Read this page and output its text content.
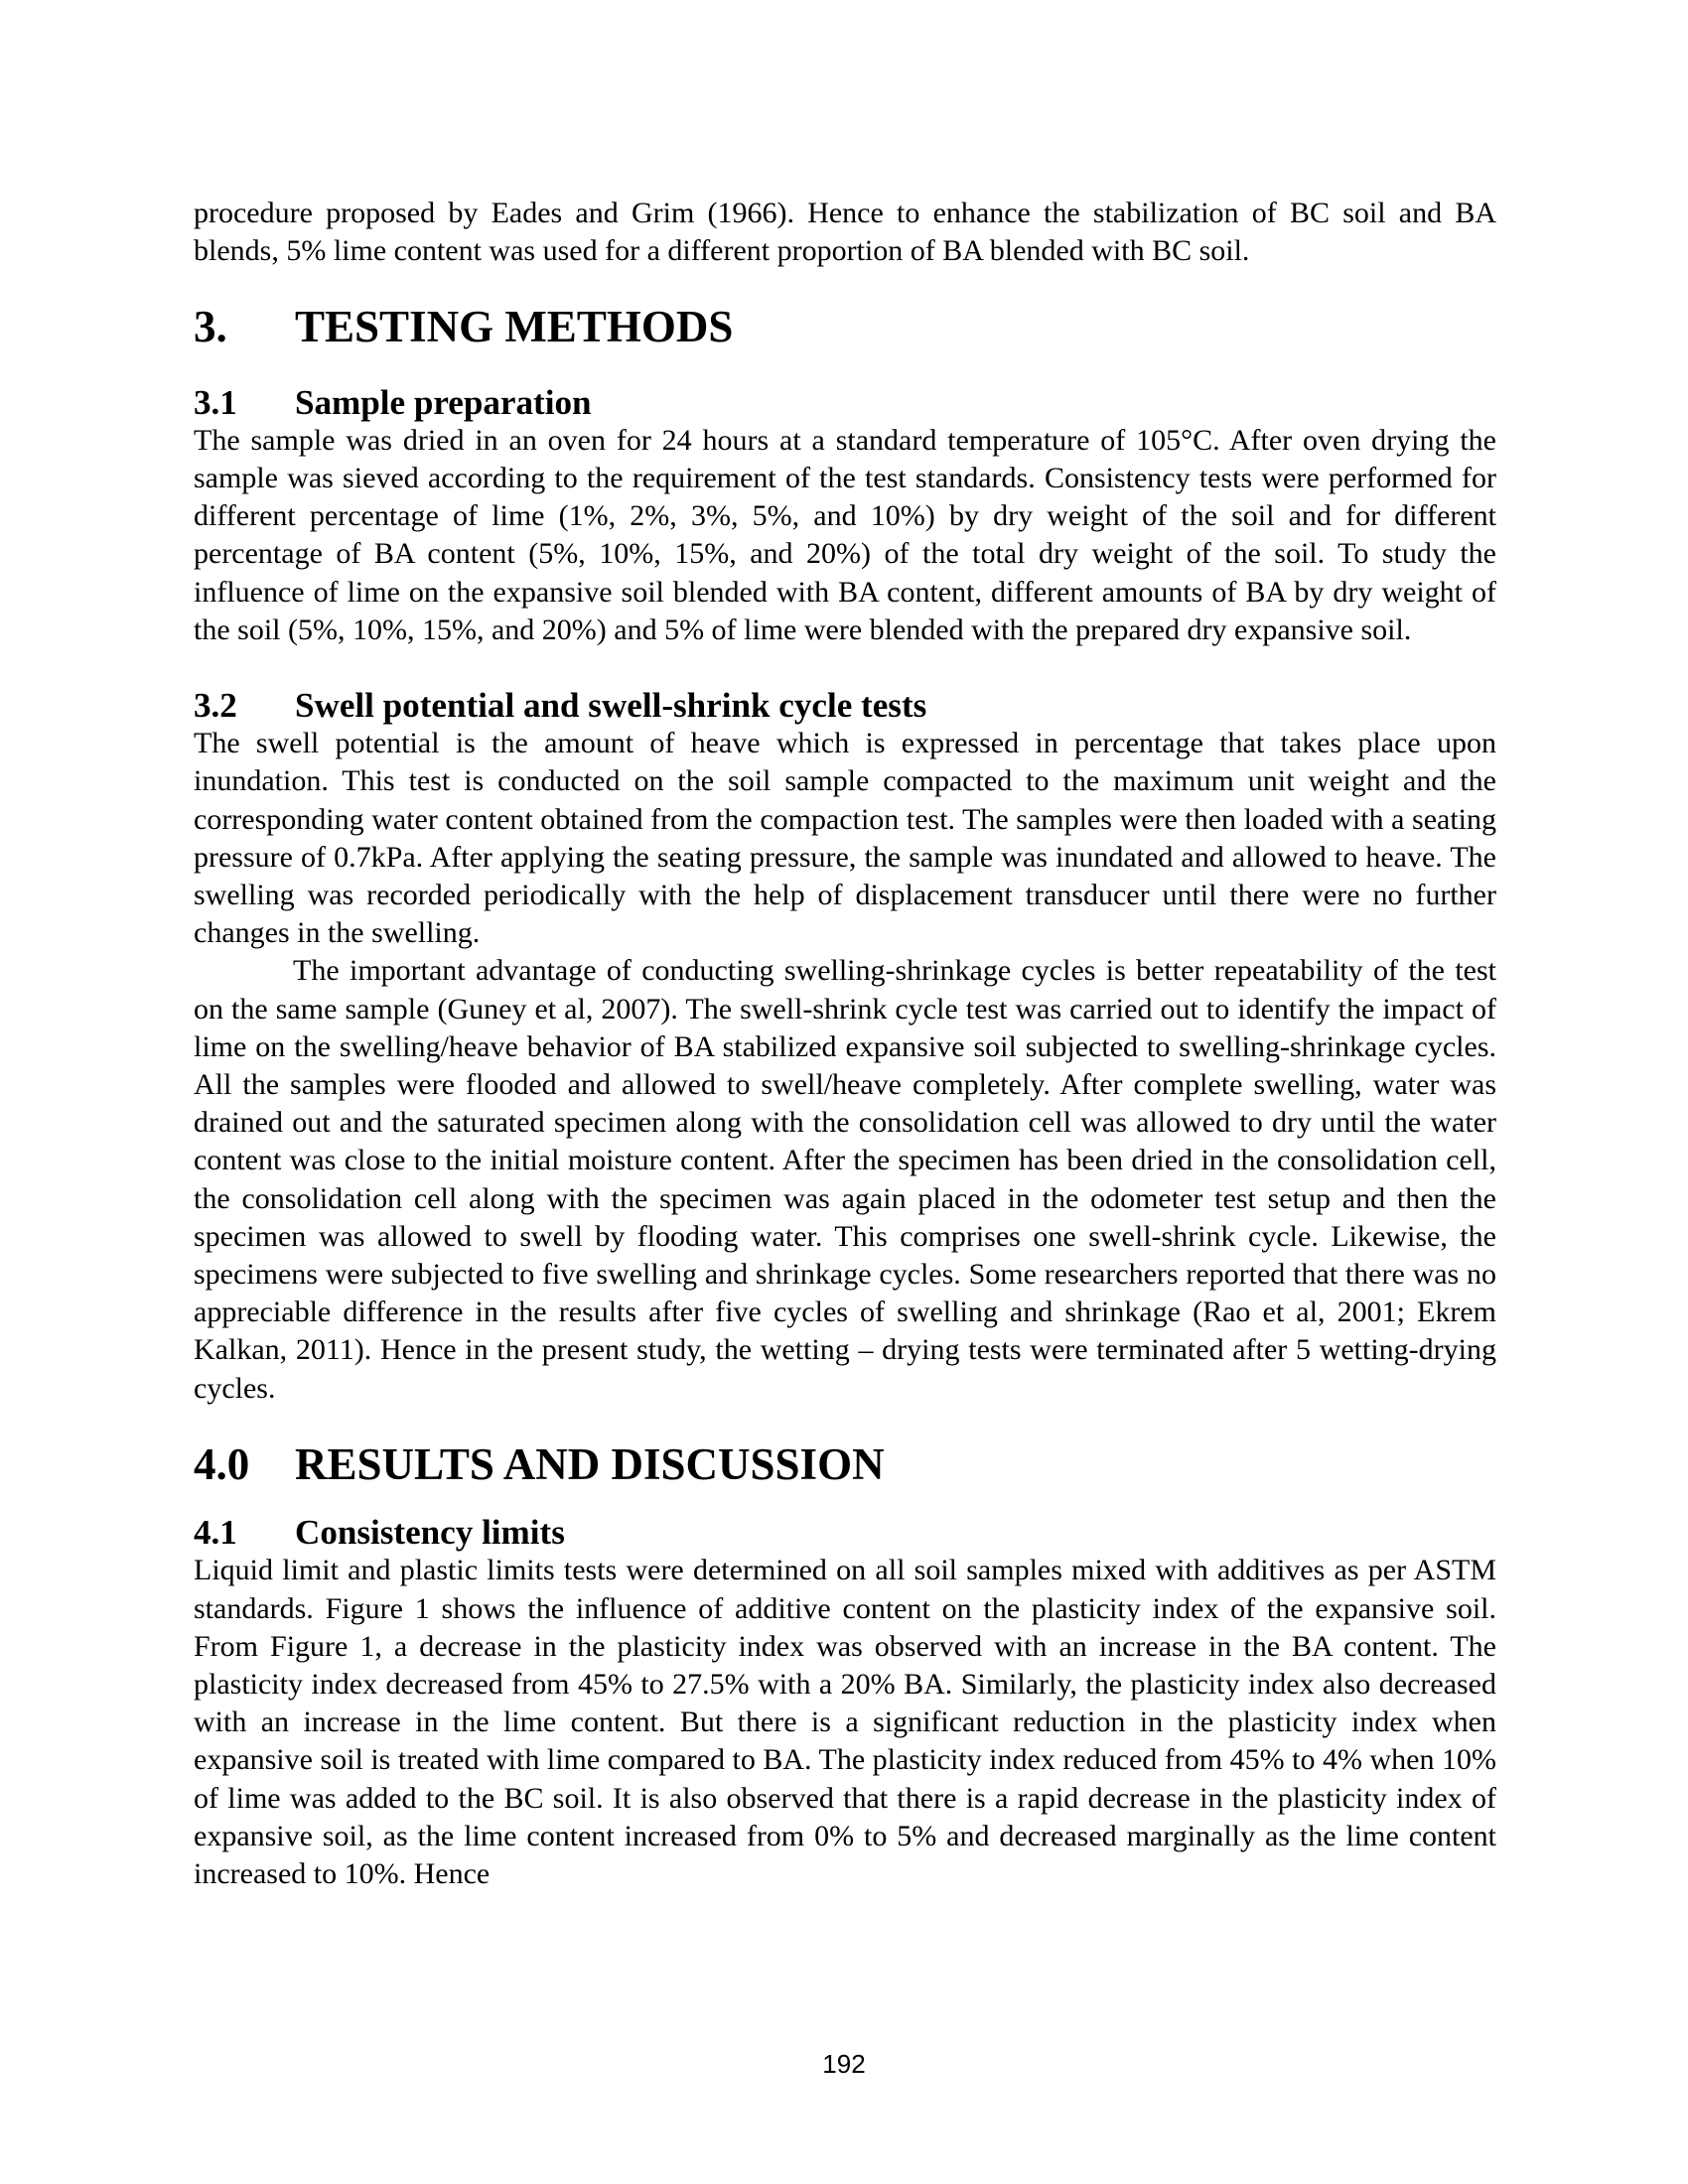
procedure proposed by Eades and Grim (1966). Hence to enhance the stabilization of BC soil and BA blends, 5% lime content was used for a different proportion of BA blended with BC soil.

3.	TESTING METHODS
3.1	Sample preparation

The sample was dried in an oven for 24 hours at a standard temperature of 105°C. After oven drying the sample was sieved according to the requirement of the test standards. Consistency tests were performed for different percentage of lime (1%, 2%, 3%, 5%, and 10%) by dry weight of the soil and for different percentage of BA content (5%, 10%, 15%, and 20%) of the total dry weight of the soil. To study the influence of lime on the expansive soil blended with BA content, different amounts of BA by dry weight of the soil (5%, 10%, 15%, and 20%) and 5% of lime were blended with the prepared dry expansive soil.

3.2	Swell potential and swell-shrink cycle tests

The swell potential is the amount of heave which is expressed in percentage that takes place upon inundation. This test is conducted on the soil sample compacted to the maximum unit weight and the corresponding water content obtained from the compaction test. The samples were then loaded with a seating pressure of 0.7kPa. After applying the seating pressure, the sample was inundated and allowed to heave. The swelling was recorded periodically with the help of displacement transducer until there were no further changes in the swelling.

The important advantage of conducting swelling-shrinkage cycles is better repeatability of the test on the same sample (Guney et al, 2007). The swell-shrink cycle test was carried out to identify the impact of lime on the swelling/heave behavior of BA stabilized expansive soil subjected to swelling-shrinkage cycles. All the samples were flooded and allowed to swell/heave completely. After complete swelling, water was drained out and the saturated specimen along with the consolidation cell was allowed to dry until the water content was close to the initial moisture content. After the specimen has been dried in the consolidation cell, the consolidation cell along with the specimen was again placed in the odometer test setup and then the specimen was allowed to swell by flooding water. This comprises one swell-shrink cycle. Likewise, the specimens were subjected to five swelling and shrinkage cycles. Some researchers reported that there was no appreciable difference in the results after five cycles of swelling and shrinkage (Rao et al, 2001; Ekrem Kalkan, 2011). Hence in the present study, the wetting – drying tests were terminated after 5 wetting-drying cycles.

4.0	RESULTS AND DISCUSSION
4.1	Consistency limits

Liquid limit and plastic limits tests were determined on all soil samples mixed with additives as per ASTM standards. Figure 1 shows the influence of additive content on the plasticity index of the expansive soil. From Figure 1, a decrease in the plasticity index was observed with an increase in the BA content. The plasticity index decreased from 45% to 27.5% with a 20% BA. Similarly, the plasticity index also decreased with an increase in the lime content. But there is a significant reduction in the plasticity index when expansive soil is treated with lime compared to BA. The plasticity index reduced from 45% to 4% when 10% of lime was added to the BC soil. It is also observed that there is a rapid decrease in the plasticity index of expansive soil, as the lime content increased from 0% to 5% and decreased marginally as the lime content increased to 10%. Hence

192
